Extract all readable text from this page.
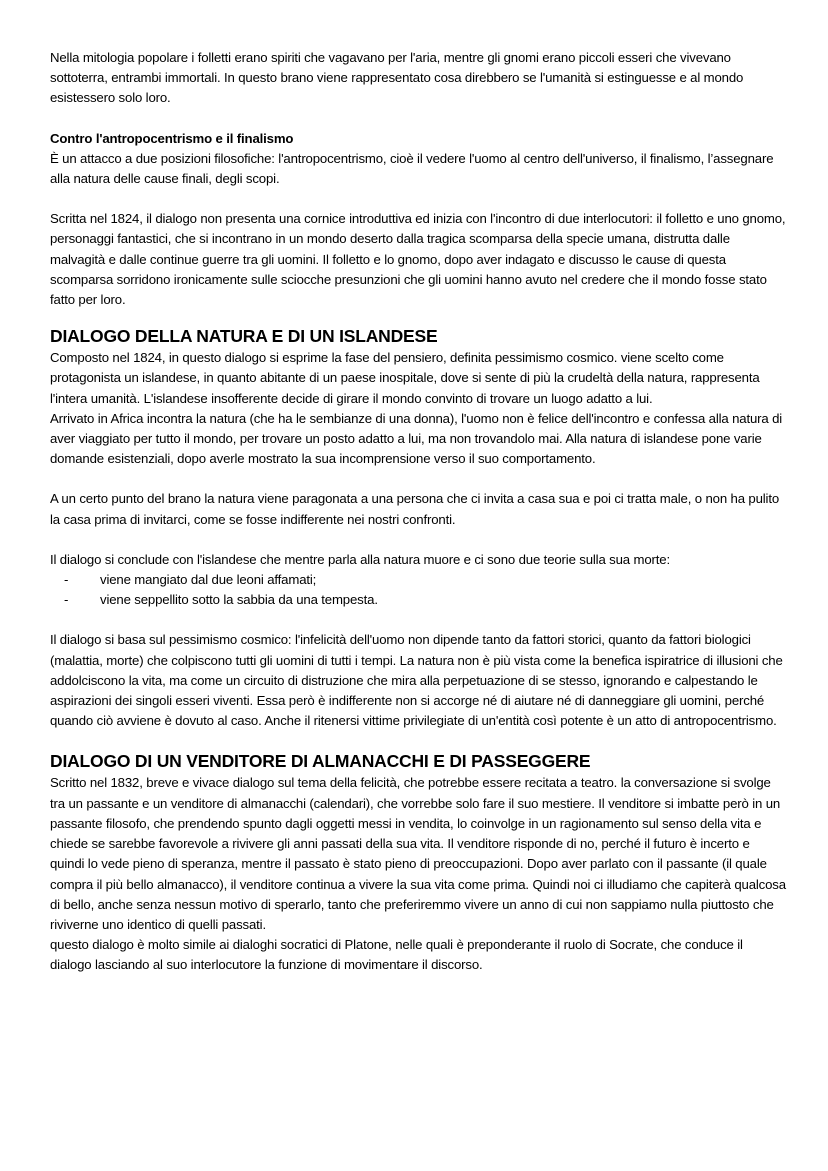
Nella mitologia popolare i folletti erano spiriti che vagavano per l'aria, mentre gli gnomi erano piccoli esseri che vivevano sottoterra, entrambi immortali. In questo brano viene rappresentato cosa direbbero se l'umanità si estinguesse e al mondo esistessero solo loro.

Contro l'antropocentrismo e il finalismo

È un attacco a due posizioni filosofiche: l'antropocentrismo, cioè il vedere l'uomo al centro dell'universo, il finalismo, l’assegnare alla natura delle cause finali, degli scopi.

Scritta nel 1824, il dialogo non presenta una cornice introduttiva ed inizia con l'incontro di due interlocutori: il folletto e uno gnomo, personaggi fantastici, che si incontrano in un mondo deserto dalla tragica scomparsa della specie umana, distrutta dalle malvagità e dalle continue guerre tra gli uomini. Il folletto e lo gnomo, dopo aver indagato e discusso le cause di questa scomparsa sorridono ironicamente sulle sciocche presunzioni che gli uomini hanno avuto nel credere che il mondo fosse stato fatto per loro.

DIALOGO DELLA NATURA E DI UN ISLANDESE

Composto nel 1824, in questo dialogo si esprime la fase del pensiero, definita pessimismo cosmico. viene scelto come protagonista un islandese, in quanto abitante di un paese inospitale, dove si sente di più la crudeltà della natura, rappresenta l'intera umanità. L'islandese insofferente decide di girare il mondo convinto di trovare un luogo adatto a lui.

Arrivato in Africa incontra la natura (che ha le sembianze di una donna), l'uomo non è felice dell'incontro e confessa alla natura di aver viaggiato per tutto il mondo, per trovare un posto adatto a lui, ma non trovandolo mai. Alla natura di islandese pone varie domande esistenziali, dopo averle mostrato la sua incomprensione verso il suo comportamento.

A un certo punto del brano la natura viene paragonata a una persona che ci invita a casa sua e poi ci tratta male, o non ha pulito la casa prima di invitarci, come se fosse indifferente nei nostri confronti.

Il dialogo si conclude con l'islandese che mentre parla alla natura muore e ci sono due teorie sulla sua morte:

- viene mangiato dal due leoni affamati;
- viene seppellito sotto la sabbia da una tempesta.

Il dialogo si basa sul pessimismo cosmico: l'infelicità dell'uomo non dipende tanto da fattori storici, quanto da fattori biologici (malattia, morte) che colpiscono tutti gli uomini di tutti i tempi. La natura non è più vista come la benefica ispiratrice di illusioni che addolciscono la vita, ma come un circuito di distruzione che mira alla perpetuazione di se stesso, ignorando e calpestando le aspirazioni dei singoli esseri viventi. Essa però è indifferente non si accorge né di aiutare né di danneggiare gli uomini, perché quando ciò avviene è dovuto al caso. Anche il ritenersi vittime privilegiate di un'entità così potente è un atto di antropocentrismo.

DIALOGO DI UN VENDITORE DI ALMANACCHI E DI PASSEGGERE

Scritto nel 1832, breve e vivace dialogo sul tema della felicità, che potrebbe essere recitata a teatro. la conversazione si svolge tra un passante e un venditore di almanacchi (calendari), che vorrebbe solo fare il suo mestiere. Il venditore si imbatte però in un passante filosofo, che prendendo spunto dagli oggetti messi in vendita, lo coinvolge in un ragionamento sul senso della vita e chiede se sarebbe favorevole a rivivere gli anni passati della sua vita. Il venditore risponde di no, perché il futuro è incerto e quindi lo vede pieno di speranza, mentre il passato è stato pieno di preoccupazioni. Dopo aver parlato con il passante (il quale compra il più bello almanacco), il venditore continua a vivere la sua vita come prima. Quindi noi ci illudiamo che capiterà qualcosa di bello, anche senza nessun motivo di sperarlo, tanto che preferiremmo vivere un anno di cui non sappiamo nulla piuttosto che riviverne uno identico di quelli passati.

questo dialogo è molto simile ai dialoghi socratici di Platone, nelle quali è preponderante il ruolo di Socrate, che conduce il dialogo lasciando al suo interlocutore la funzione di movimentare il discorso.
